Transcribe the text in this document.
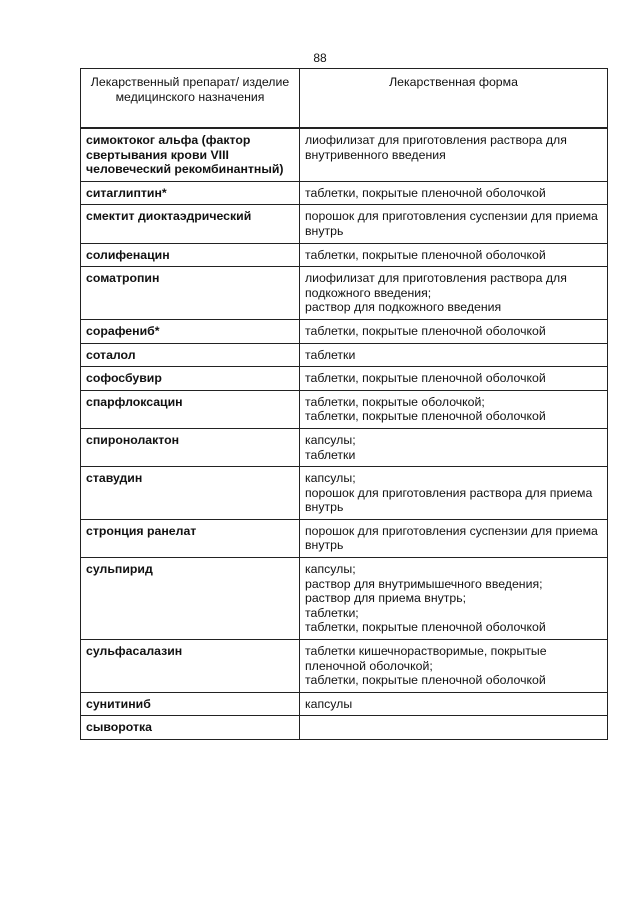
88
Лекарственный препарат/ изделие медицинского назначения	Лекарственная форма
симоктоког альфа (фактор свертывания крови VIII человеческий рекомбинантный)	лиофилизат для приготовления раствора для внутривенного введения

ситаглиптин*	таблетки, покрытые пленочной оболочкой

смектит диоктаэдрический	порошок для приготовления суспензии для приема внутрь

солифенацин	таблетки, покрытые пленочной оболочкой

соматропин	лиофилизат для приготовления раствора для подкожного введения;
раствор для подкожного введения

сорафениб*	таблетки, покрытые пленочной оболочкой

соталол	таблетки

софосбувир	таблетки, покрытые пленочной оболочкой

спарфлоксацин	таблетки, покрытые оболочкой;
таблетки, покрытые пленочной оболочкой

спиронолактон	капсулы;
таблетки

ставудин	капсулы;
порошок для приготовления раствора для приема внутрь

стронция ранелат	порошок для приготовления суспензии для приема внутрь

сульпирид	капсулы;
раствор для внутримышечного введения;
раствор для приема внутрь;
таблетки;
таблетки, покрытые пленочной оболочкой

сульфасалазин	таблетки кишечнорастворимые, покрытые пленочной оболочкой;
таблетки, покрытые пленочной оболочкой

сунитиниб	капсулы

сыворотка	
